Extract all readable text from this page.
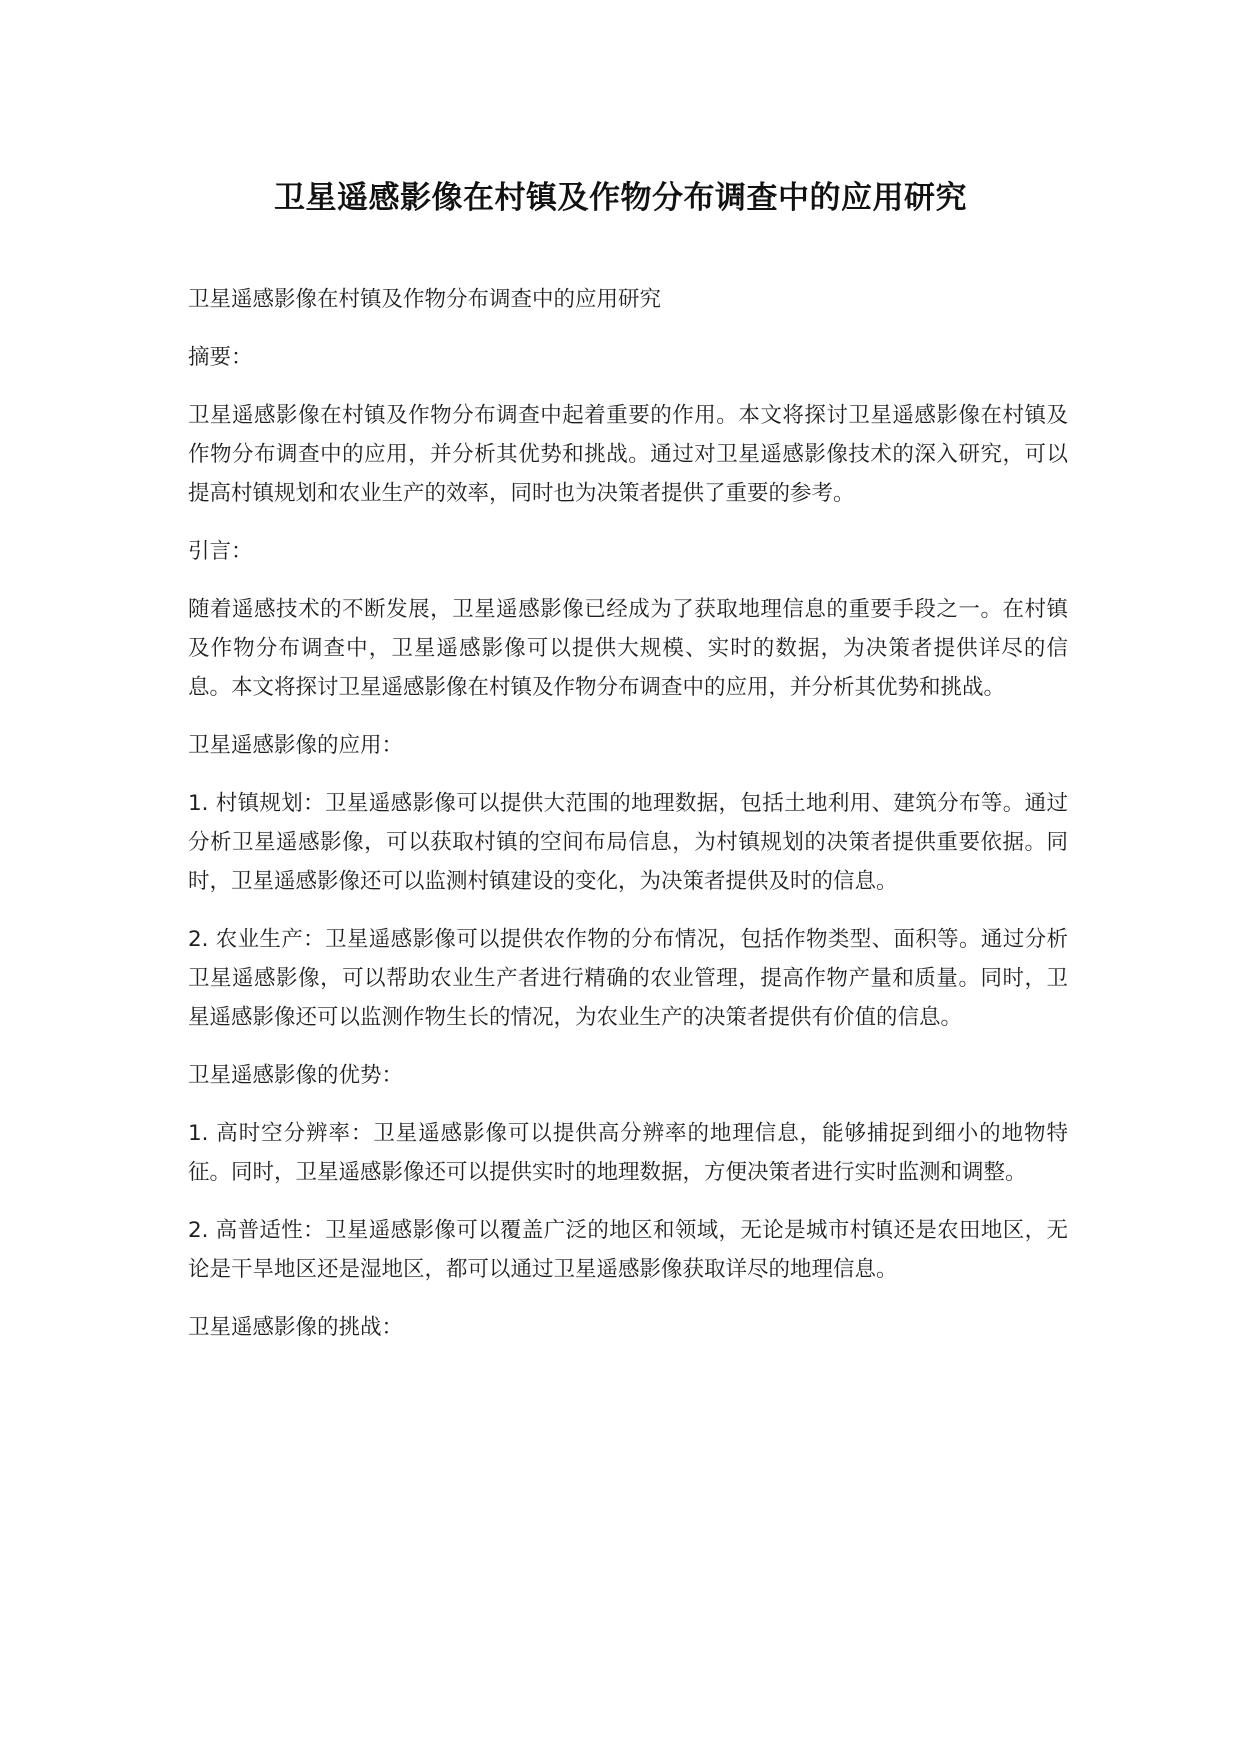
卫星遥感影像在村镇及作物分布调查中的应用研究

卫星遥感影像在村镇及作物分布调查中的应用研究

摘要：

卫星遥感影像在村镇及作物分布调查中起着重要的作用。本文将探讨卫星遥感影像在村镇及作物分布调查中的应用，并分析其优势和挑战。通过对卫星遥感影像技术的深入研究，可以提高村镇规划和农业生产的效率，同时也为决策者提供了重要的参考。

引言：

随着遥感技术的不断发展，卫星遥感影像已经成为了获取地理信息的重要手段之一。在村镇及作物分布调查中，卫星遥感影像可以提供大规模、实时的数据，为决策者提供详尽的信息。本文将探讨卫星遥感影像在村镇及作物分布调查中的应用，并分析其优势和挑战。

卫星遥感影像的应用：

1. 村镇规划：卫星遥感影像可以提供大范围的地理数据，包括土地利用、建筑分布等。通过分析卫星遥感影像，可以获取村镇的空间布局信息，为村镇规划的决策者提供重要依据。同时，卫星遥感影像还可以监测村镇建设的变化，为决策者提供及时的信息。

2. 农业生产：卫星遥感影像可以提供农作物的分布情况，包括作物类型、面积等。通过分析卫星遥感影像，可以帮助农业生产者进行精确的农业管理，提高作物产量和质量。同时，卫星遥感影像还可以监测作物生长的情况，为农业生产的决策者提供有价值的信息。

卫星遥感影像的优势：

1. 高时空分辨率：卫星遥感影像可以提供高分辨率的地理信息，能够捕捉到细小的地物特征。同时，卫星遥感影像还可以提供实时的地理数据，方便决策者进行实时监测和调整。

2. 高普适性：卫星遥感影像可以覆盖广泛的地区和领域，无论是城市村镇还是农田地区，无论是干旱地区还是湿地区，都可以通过卫星遥感影像获取详尽的地理信息。

卫星遥感影像的挑战：
